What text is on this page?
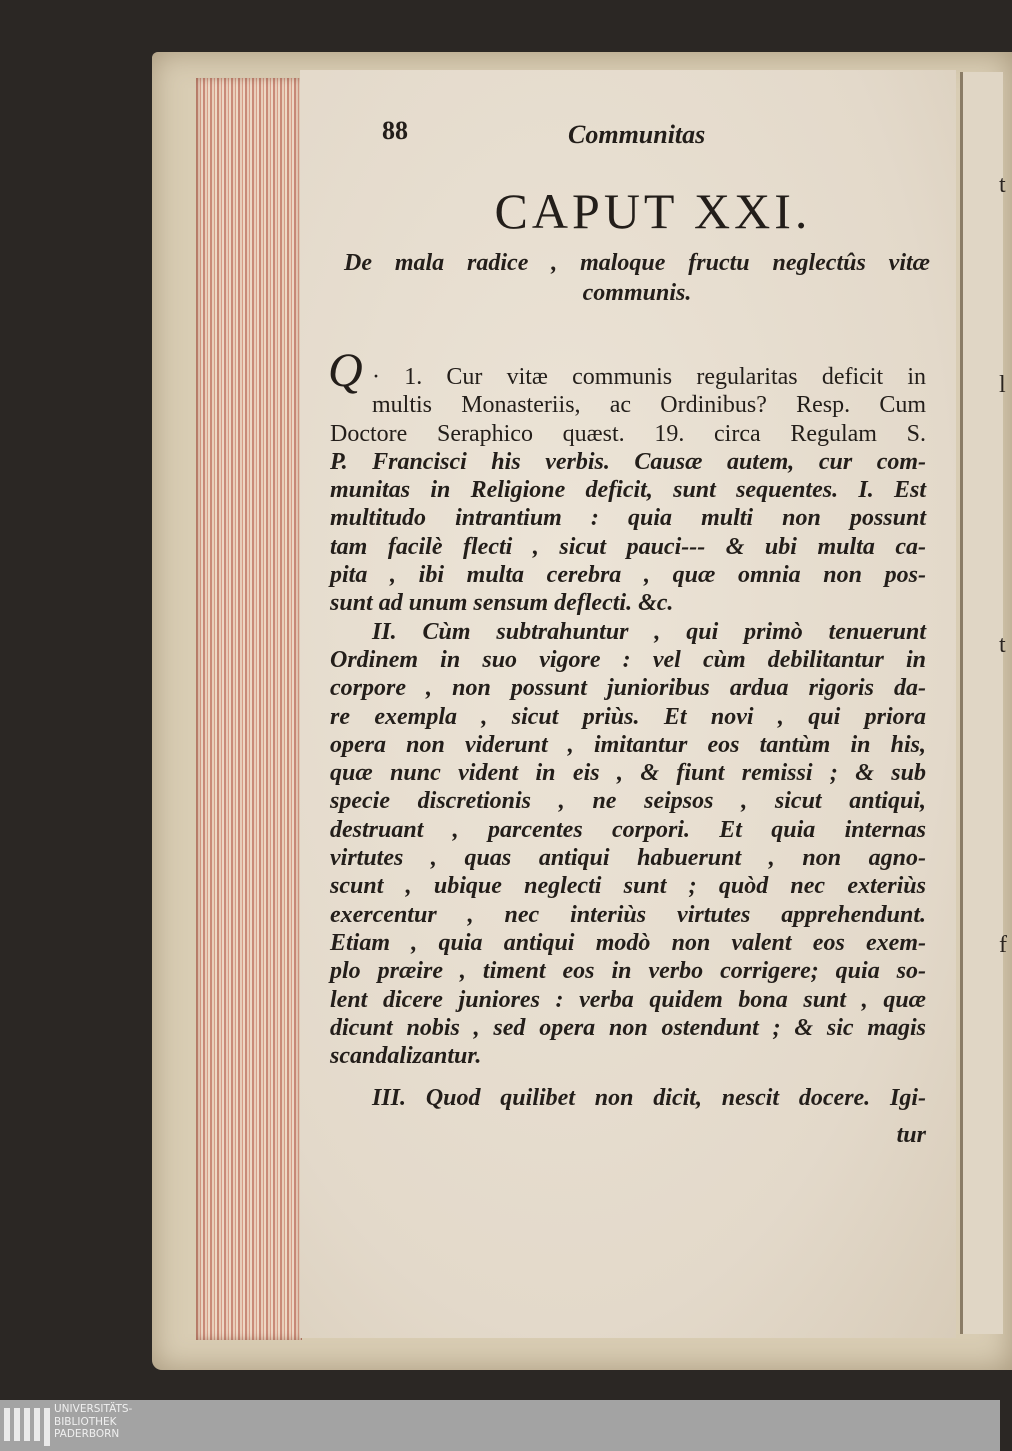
t
l
t
f
88	Communitas
CAPUT XXI.
De mala radice , maloque fructu neglectûs vitæ
communis.
Q · 1. Cur vitæ communis regularitas deficit in
multis Monasteriis, ac Ordinibus? Resp. Cum
Doctore Seraphico quæst. 19. circa Regulam S.
P. Francisci his verbis. Causæ autem, cur com-
munitas in Religione deficit, sunt sequentes. I. Est
multitudo intrantium : quia multi non possunt
tam facilè flecti , sicut pauci--- & ubi multa ca-
pita , ibi multa cerebra , quæ omnia non pos-
sunt ad unum sensum deflecti. &c.
II. Cùm subtrahuntur , qui primò tenuerunt
Ordinem in suo vigore : vel cùm debilitantur in
corpore , non possunt junioribus ardua rigoris da-
re exempla , sicut priùs. Et novi , qui priora
opera non viderunt , imitantur eos tantùm in his,
quæ nunc vident in eis , & fiunt remissi ; & sub
specie discretionis , ne seipsos , sicut antiqui,
destruant , parcentes corpori. Et quia internas
virtutes , quas antiqui habuerunt , non agno-
scunt , ubique neglecti sunt ; quòd nec exteriùs
exercentur , nec interiùs virtutes apprehendunt.
Etiam , quia antiqui modò non valent eos exem-
plo præire , timent eos in verbo corrigere; quia so-
lent dicere juniores : verba quidem bona sunt , quæ
dicunt nobis , sed opera non ostendunt ; & sic magis
scandalizantur.
III. Quod quilibet non dicit, nescit docere. Igi-
tur
UNIVERSITÄTS-
BIBLIOTHEK
PADERBORN
